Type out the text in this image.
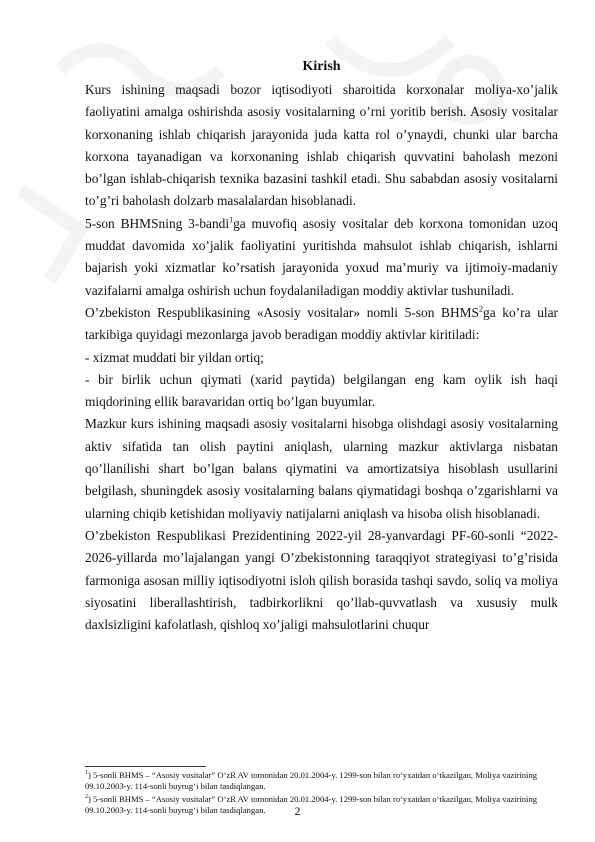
Kirish

Kurs ishining maqsadi bozor iqtisodiyoti sharoitida korxonalar moliya-xo’jalik faoliyatini amalga oshirishda asosiy vositalarning o’rni yoritib berish. Asosiy vositalar korxonaning ishlab chiqarish jarayonida juda katta rol o’ynaydi, chunki ular barcha korxona tayanadigan va korxonaning ishlab chiqarish quvvatini baholash mezoni bo’lgan ishlab-chiqarish texnika bazasini tashkil etadi. Shu sababdan asosiy vositalarni to’g’ri baholash dolzarb masalalardan hisoblanadi.

5-son BHMSning 3-bandi$^1$ga muvofiq asosiy vositalar deb korxona tomonidan uzoq muddat davomida xo’jalik faoliyatini yuritishda mahsulot ishlab chiqarish, ishlarni bajarish yoki xizmatlar ko’rsatish jarayonida yoxud ma’muriy va ijtimoiy-madaniy vazifalarni amalga oshirish uchun foydalaniladigan moddiy aktivlar tushuniladi.

O’zbekiston Respublikasining «Asosiy vositalar» nomli 5-son BHMS$^2$ga ko’ra ular tarkibiga quyidagi mezonlarga javob beradigan moddiy aktivlar kiritiladi:

- xizmat muddati bir yildan ortiq;

- bir birlik uchun qiymati (xarid paytida) belgilangan eng kam oylik ish haqi miqdorining ellik baravaridan ortiq bo’lgan buyumlar.

Mazkur kurs ishining maqsadi asosiy vositalarni hisobga olishdagi asosiy vositalarning aktiv sifatida tan olish paytini aniqlash, ularning mazkur aktivlarga nisbatan qo’llanilishi shart bo’lgan balans qiymatini va amortizatsiya hisoblash usullarini belgilash, shuningdek asosiy vositalarning balans qiymatidagi boshqa o’zgarishlarni va ularning chiqib ketishidan moliyaviy natijalarni aniqlash va hisoba olish hisoblanadi.

O’zbekiston Respublikasi Prezidentining 2022-yil 28-yanvardagi PF-60-sonli “2022-2026-yillarda mo’lajalangan yangi O’zbekistonning taraqqiyot strategiyasi to’g’risida farmoniga asosan milliy iqtisodiyotni isloh qilish borasida tashqi savdo, soliq va moliya siyosatini liberallashtirish, tadbirkorlikni qo’llab-quvvatlash va xususiy mulk daxlsizligini kafolatlash, qishloq xo’jaligi mahsulotlarini chuqur

$^1$) 5-sonli BHMS – “Asosiy vositalar” O‘zR AV tomonidan 20.01.2004-y. 1299-son bilan ro‘yxatdan o‘tkazilgan, Moliya vazirining 09.10.2003-y. 114-sonli buyrug‘i bilan tasdiqlangan.

$^2$) 5-sonli BHMS – “Asosiy vositalar” O‘zR AV tomonidan 20.01.2004-y. 1299-son bilan ro‘yxatdan o‘tkazilgan, Moliya vazirining 09.10.2003-y. 114-sonli buyrug‘i bilan tasdiqlangan.	2
